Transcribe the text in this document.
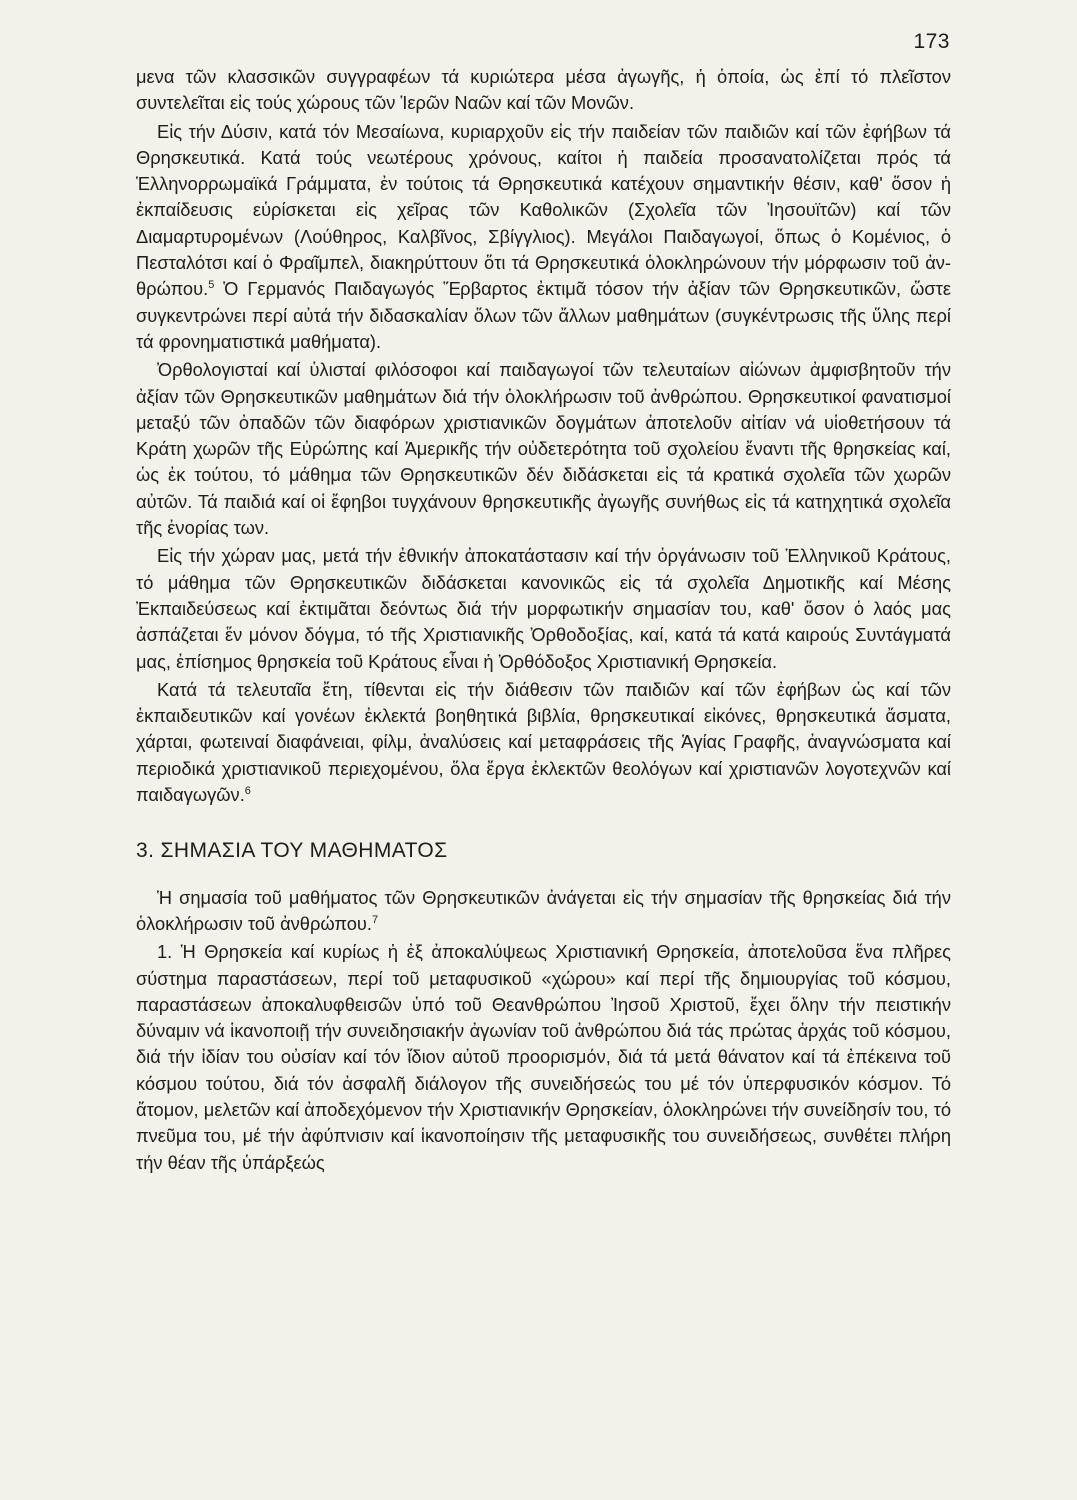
173

μενα τῶν κλασσικῶν συγγραφέων τά κυριώτερα μέσα ἀγωγῆς, ἡ ὁποία, ὡς ἐπί τό πλεῖστον συντελεῖται εἰς τούς χώρους τῶν Ἱερῶν Ναῶν καί τῶν Μονῶν.

Εἰς τήν Δύσιν, κατά τόν Μεσαίωνα, κυριαρχοῦν εἰς τήν παιδείαν τῶν παιδιῶν καί τῶν ἐφήβων τά Θρησκευτικά. Κατά τούς νεωτέρους χρόνους, καίτοι ἡ παιδεία προσανατολίζεται πρός τά Ἑλληνορρωμαϊκά Γράμματα, ἐν τούτοις τά Θρησκευτικά κατέχουν σημαντικήν θέσιν, καθ' ὅσον ἡ ἐκπαίδευσις εὑρίσκεται εἰς χεῖρας τῶν Καθολικῶν (Σχολεῖα τῶν Ἰησουϊτῶν) καί τῶν Διαμαρτυρομένων (Λούθηρος, Καλβῖνος, Σβίγγλιος). Μεγάλοι Παιδαγωγοί, ὅπως ὁ Κομένιος, ὁ Πεσταλότσι καί ὁ Φραῖμπελ, διακηρύττουν ὅτι τά Θρησκευτικά ὁλοκληρώνουν τήν μόρφωσιν τοῦ ἀνθρώπου.$^5$ Ὁ Γερμανός Παιδαγωγός Ἕρβαρτος ἐκτιμᾶ τόσον τήν ἀξίαν τῶν Θρησκευτικῶν, ὥστε συγκεντρώνει περί αὐτά τήν διδασκαλίαν ὅλων τῶν ἄλλων μαθημάτων (συγκέντρωσις τῆς ὕλης περί τά φρονηματιστικά μαθήματα).

Ὀρθολογισταί καί ὑλισταί φιλόσοφοι καί παιδαγωγοί τῶν τελευταίων αἰώνων ἀμφισβητοῦν τήν ἀξίαν τῶν Θρησκευτικῶν μαθημάτων διά τήν ὁλοκλήρωσιν τοῦ ἀνθρώπου. Θρησκευτικοί φανατισμοί μεταξύ τῶν ὀπαδῶν τῶν διαφόρων χριστιανικῶν δογμάτων ἀποτελοῦν αἰτίαν νά υἱοθετήσουν τά Κράτη χωρῶν τῆς Εὐρώπης καί Ἀμερικῆς τήν οὐδετερότητα τοῦ σχολείου ἔναντι τῆς θρησκείας καί, ὡς ἐκ τούτου, τό μάθημα τῶν Θρησκευτικῶν δέν διδάσκεται εἰς τά κρατικά σχολεῖα τῶν χωρῶν αὐτῶν. Τά παιδιά καί οἱ ἔφηβοι τυγχάνουν θρησκευτικῆς ἀγωγῆς συνήθως εἰς τά κατηχητικά σχολεῖα τῆς ἐνορίας των.

Εἰς τήν χώραν μας, μετά τήν ἐθνικήν ἀποκατάστασιν καί τήν ὀργάνωσιν τοῦ Ἑλληνικοῦ Κράτους, τό μάθημα τῶν Θρησκευτικῶν διδάσκεται κανονικῶς εἰς τά σχολεῖα Δημοτικῆς καί Μέσης Ἐκπαιδεύσεως καί ἐκτιμᾶται δεόντως διά τήν μορφωτικήν σημασίαν του, καθ' ὅσον ὁ λαός μας ἀσπάζεται ἕν μόνον δόγμα, τό τῆς Χριστιανικῆς Ὀρθοδοξίας, καί, κατά τά κατά καιρούς Συντάγματά μας, ἐπίσημος θρησκεία τοῦ Κράτους εἶναι ἡ Ὀρθόδοξος Χριστιανική Θρησκεία.

Κατά τά τελευταῖα ἔτη, τίθενται εἰς τήν διάθεσιν τῶν παιδιῶν καί τῶν ἐφήβων ὡς καί τῶν ἐκπαιδευτικῶν καί γονέων ἐκλεκτά βοηθητικά βιβλία, θρησκευτικαί εἰκόνες, θρησκευτικά ἄσματα, χάρται, φωτειναί διαφάνειαι, φίλμ, ἀναλύσεις καί μεταφράσεις τῆς Ἁγίας Γραφῆς, ἀναγνώσματα καί περιοδικά χριστιανικοῦ περιεχομένου, ὅλα ἔργα ἐκλεκτῶν θεολόγων καί χριστιανῶν λογοτεχνῶν καί παιδαγωγῶν.$^6$

3. ΣΗΜΑΣΙΑ ΤΟΥ ΜΑΘΗΜΑΤΟΣ

Ἡ σημασία τοῦ μαθήματος τῶν Θρησκευτικῶν ἀνάγεται εἰς τήν σημασίαν τῆς θρησκείας διά τήν ὁλοκλήρωσιν τοῦ ἀνθρώπου.$^7$

1. Ἡ Θρησκεία καί κυρίως ἡ ἐξ ἀποκαλύψεως Χριστιανική Θρησκεία, ἀποτελοῦσα ἕνα πλῆρες σύστημα παραστάσεων, περί τοῦ μεταφυσικοῦ «χώρου» καί περί τῆς δημιουργίας τοῦ κόσμου, παραστάσεων ἀποκαλυφθεισῶν ὑπό τοῦ Θεανθρώπου Ἰησοῦ Χριστοῦ, ἔχει ὅλην τήν πειστικήν δύναμιν νά ἱκανοποιῇ τήν συνειδησιακήν ἀγωνίαν τοῦ ἀνθρώπου διά τάς πρώτας ἀρχάς τοῦ κόσμου, διά τήν ἰδίαν του οὐσίαν καί τόν ἴδιον αὐτοῦ προορισμόν, διά τά μετά θάνατον καί τά ἐπέκεινα τοῦ κόσμου τούτου, διά τόν ἀσφαλῆ διάλογον τῆς συνειδήσεώς του μέ τόν ὑπερφυσικόν κόσμον. Τό ἄτομον, μελετῶν καί ἀποδεχόμενον τήν Χριστιανικήν Θρησκείαν, ὁλοκληρώνει τήν συνείδησίν του, τό πνεῦμα του, μέ τήν ἀφύπνισιν καί ἱκανοποίησιν τῆς μεταφυσικῆς του συνειδήσεως, συνθέτει πλήρη τήν θέαν τῆς ὑπάρξεώς
